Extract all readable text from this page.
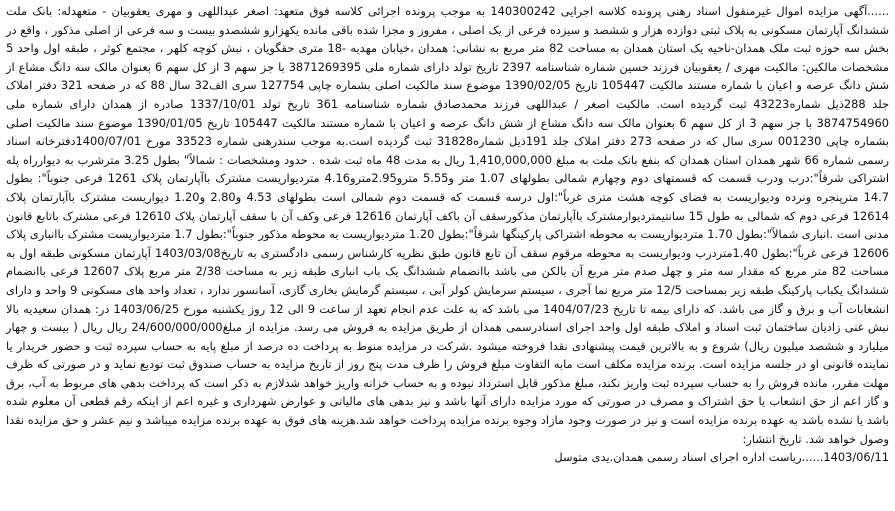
......آگهی مزایده اموال غیرمنقول اسناد رهنی پرونده کلاسه اجرایی 140300242 به موجب پرونده اجرائی کلاسه فوق متعهد: اصغر عبداللهی و مهری یعقوبیان - متعهدله: بانک ملت ششدانگ آپارتمان مسکونی به پلاک ثبتی دوازده هزار و ششصد و سیزده فرعی از یک اصلی ، مفروز و مجزا شده باقی مانده یکهزارو ششصدو بیست و سه فرعی از اصلی مذکور ، واقع در بخش سه حوزه ثبت ملک همدان-ناحیه یک استان همدان به مساحت 82 متر مربع به نشانی: همدان ،خیابان مهدیه -18 متری حقگویان ، نبش کوچه کلهر ، مجتمع کوثر ، طبقه اول واحد 5 مشخصات مالکین: مالکیت مهری / یعقوبیان فرزند حسین شماره شناسنامه 2397 تاریخ تولد دارای شماره ملی 3871269395 با جز سهم 3 از کل سهم 6 بعنوان مالک سه دانگ مشاع از شش دانگ عرصه و اعیان با شماره مستند مالکیت 105447 تاریخ 1390/02/05 موضوع سند مالکیت اصلی بشماره چاپی 127754 سری الف32 سال 88 که در صفحه 321 دفتر املاک جلد 288ذیل شماره43223 ثبت گردیده است. مالکیت اصغر / عبداللهی فرزند محمدصادق شماره شناسنامه 361 تاریخ تولد 1337/10/01 صادره از همدان دارای شماره ملی 3874754960 با جز سهم 3 از کل سهم 6 بعنوان مالک سه دانگ مشاع از شش دانگ عرصه و اعیان با شماره مستند مالکیت 105447 تاریخ 1390/01/05 موضوع سند مالکیت اصلی بشماره چاپی 001230 سری سال که در صفحه 273 دفتر املاک جلد 191ذیل شماره31828 ثبت گردیده است.به موجب سندرهنی شماره 33523 مورخ 1400/07/01دفترخانه اسناد رسمی شماره 66 شهر همدان استان همدان که بنفع بانک ملت به مبلغ 1,410,000,000 ریال به مدت 48 ماه ثبت شده . حدود ومشخصات : شمالاً" بطول 3.25 مترشرب به دیوارراه پله اشتراکی شرقاً":درب ودرب قسمت که قسمتهای دوم وچهارم شمالی بطولهای 1.07 متر و5.55 مترو2.95مترو4.16 متردیواریست مشترک باآپارتمان پلاک 1261 فرعی جنوباً": بطول 14.7 مترپنجره ونرده ودیواریست به فضای کوچه هشت متری غرباً":اول درسه قسمت که قسمت دوم شمالی است بطولهای 4.53 و2.80 و1.20 دیواریست مشترک باآپارتمان پلاک 12614 فرعی دوم که شمالی به طول 15 سانتیمتردیوارمشترک باآپارتمان مذکورسقف آن باکف آپارتمان 12616 فرعی وکف آن با سقف آپارتمان پلاک 12610 فرعی مشترک باتابع قانون مدنی است .انباری شمالاً":بطول 1.70 متردیواریست به محوطه اشتراکی پارکینگها شرقاً":بطول 1.20 متردیواریست به محوطه مذکور جنوباً":بطول 1.7 متردیواریست مشترک باانباری پلاک 12606 فرعی غرباً":بطول 1.40متردرب ودیواریست به محوطه مرقوم سقف آن تابع قانون طبق نظریه کارشناس رسمی دادگستری به تاریخ1403/03/08 آپارتمان مسکونی طبقه اول به مساحت 82 متر مربع که مقدار سه متر و چهل صدم متر مربع آن بالکن می باشد باانضمام ششدانگ یک باب انباری طبقه زیر به مساحت 2/38 متر مربع پلاک 12607 فرعی باانضمام ششدانگ یکباب پارکینگ طبقه زیر بمساحت 12/5 متر مربع نما آجری ، سیستم سرمایش کولر آبی ، سیستم گرمایش بخاری گازی، آسانسور ندارد ، تعداد واحد های مسکونی 9 واحد و دارای انشعابات آب و برق و گاز می باشد. که دارای بیمه تا تاریخ 1404/07/23 می باشد که به علت عدم انجام تعهد از ساعت 9 الی 12 روز یکشنبه مورخ 1403/06/25 در: همدان سعیدیه بالا نبش غنی زادیان ساختمان ثبت اسناد و املاک طبقه اول واحد اجرای اسنادرسمی همدان از طریق مزایده به فروش می رسد. مزایده از مبلغ24/600/000/000 ریال ریال ( بیست و چهار میلیارد و ششصد میلیون ریال) شروع و به بالاترین قیمت پیشنهادی نقدا فروخته میشود .شرکت در مزایده منوط به پرداخت ده درصد از مبلغ پایه به حساب سپرده ثبت و حضور خریدار یا نماینده قانونی او در جلسه مزایده است. برنده مزایده مکلف است مابه التفاوت مبلغ فروش را ظرف مدت پنج روز از تاریخ مزایده به حساب صندوق ثبت تودیع نماید و در صورتی که ظرف مهلت مقرر، مانده فروش را به حساب سپرده ثبت واریز نکند، مبلغ مذکور قابل استرداد نبوده و به حساب خزانه واریز خواهد شدلازم به ذکر است که پرداخت بدهی های مربوط به آب، برق و گاز اعم از حق انشعاب یا حق اشتراک و مصرف در صورتی که مورد مزایده دارای آنها باشد و نیز بدهی های مالیاتی و عوارض شهرداری و غیره اعم از اینکه رقم قطعی آن معلوم شده باشد یا نشده باشد به عهده برنده مزایده است و نیز در صورت وجود مازاد وجوه برنده مزایده پرداخت خواهد شد.هزینه های فوق به عهده برنده مزایده میباشد و نیم عشر و حق مزایده نقدا وصول خواهد شد. تاریخ انتشار:

1403/06/11......ریاست اداره اجرای اسناد رسمی همدان.یدی متوسل
